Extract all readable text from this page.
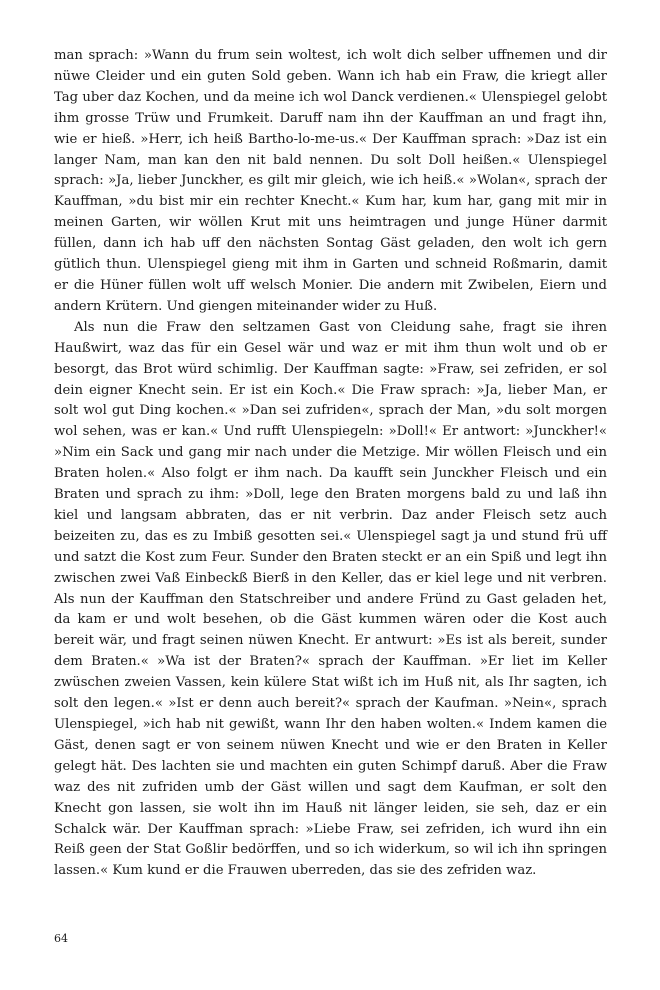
man sprach: »Wann du frum sein woltest, ich wolt dich selber uffnemen und dir nüwe Cleider und ein guten Sold geben. Wann ich hab ein Fraw, die kriegt aller Tag uber daz Kochen, und da meine ich wol Danck verdienen.« Ulenspiegel gelobt ihm grosse Trüw und Frumkeit. Daruff nam ihn der Kauffman an und fragt ihn, wie er hieß. »Herr, ich heiß Bartho-lo-me-us.« Der Kauffman sprach: »Daz ist ein langer Nam, man kan den nit bald nennen. Du solt Doll heißen.« Ulenspiegel sprach: »Ja, lieber Junckher, es gilt mir gleich, wie ich heiß.« »Wolan«, sprach der Kauffman, »du bist mir ein rechter Knecht.« Kum har, kum har, gang mit mir in meinen Garten, wir wöllen Krut mit uns heimtragen und junge Hüner darmit füllen, dann ich hab uff den nächsten Sontag Gäst geladen, den wolt ich gern gütlich thun. Ulenspiegel gieng mit ihm in Garten und schneid Roßmarin, damit er die Hüner füllen wolt uff welsch Monier. Die andern mit Zwibelen, Eiern und andern Krütern. Und giengen miteinander wider zu Huß.

Als nun die Fraw den seltzamen Gast von Cleidung sahe, fragt sie ihren Haußwirt, waz das für ein Gesel wär und waz er mit ihm thun wolt und ob er besorgt, das Brot würd schimlig. Der Kauffman sagte: »Fraw, sei zefriden, er sol dein eigner Knecht sein. Er ist ein Koch.« Die Fraw sprach: »Ja, lieber Man, er solt wol gut Ding kochen.« »Dan sei zufriden«, sprach der Man, »du solt morgen wol sehen, was er kan.« Und rufft Ulenspiegeln: »Doll!« Er antwort: »Junckher!« »Nim ein Sack und gang mir nach under die Metzige. Mir wöllen Fleisch und ein Braten holen.« Also folgt er ihm nach. Da kaufft sein Junckher Fleisch und ein Braten und sprach zu ihm: »Doll, lege den Braten morgens bald zu und laß ihn kiel und langsam abbraten, das er nit verbrin. Daz ander Fleisch setz auch beizeiten zu, das es zu Imbiß gesotten sei.« Ulenspiegel sagt ja und stund frü uff und satzt die Kost zum Feur. Sunder den Braten steckt er an ein Spiß und legt ihn zwischen zwei Vaß Einbeckß Bierß in den Keller, das er kiel lege und nit verbren. Als nun der Kauffman den Statschreiber und andere Fründ zu Gast geladen het, da kam er und wolt besehen, ob die Gäst kummen wären oder die Kost auch bereit wär, und fragt seinen nüwen Knecht. Er antwurt: »Es ist als bereit, sunder dem Braten.« »Wa ist der Braten?« sprach der Kauffman. »Er liet im Keller zwüschen zweien Vassen, kein külere Stat wißt ich im Huß nit, als Ihr sagten, ich solt den legen.« »Ist er denn auch bereit?« sprach der Kaufman. »Nein«, sprach Ulenspiegel, »ich hab nit gewißt, wann Ihr den haben wolten.« Indem kamen die Gäst, denen sagt er von seinem nüwen Knecht und wie er den Braten in Keller gelegt hät. Des lachten sie und machten ein guten Schimpf daruß. Aber die Fraw waz des nit zufriden umb der Gäst willen und sagt dem Kaufman, er solt den Knecht gon lassen, sie wolt ihn im Hauß nit länger leiden, sie seh, daz er ein Schalck wär. Der Kauffman sprach: »Liebe Fraw, sei zefriden, ich wurd ihn ein Reiß geen der Stat Goßlir bedörffen, und so ich widerkum, so wil ich ihn springen lassen.« Kum kund er die Frauwen uberreden, das sie des zefriden waz.

64
